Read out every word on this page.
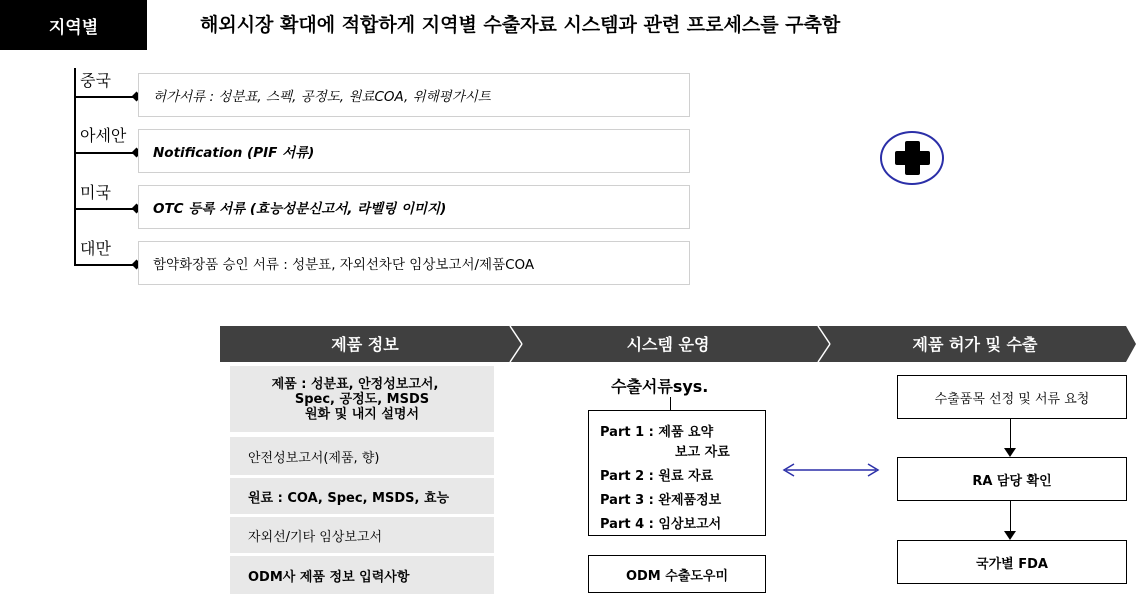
지역별	해외시장 확대에 적합하게 지역별 수출자료 시스템과 관련 프로세스를 구축함
중국
허가서류 : 성분표, 스펙, 공정도, 원료COA, 위해평가시트
아세안
Notification (PIF 서류)
미국
OTC 등록 서류 (효능성분신고서, 라벨링 이미지)
대만
함약화장품 승인 서류 : 성분표, 자외선차단 임상보고서/제품COA
제품 정보	시스템 운영	제품 허가 및 수출
제품 : 성분표, 안정성보고서,
Spec, 공정도, MSDS
원화 및 내지 설명서
안전성보고서(제품, 향)
원료 : COA, Spec, MSDS, 효능
자외선/기타 임상보고서
ODM사 제품 정보 입력사항
수출서류sys.
Part 1 : 제품 요약
보고 자료
Part 2 : 원료 자료
Part 3 : 완제품정보
Part 4 : 임상보고서
ODM 수출도우미
수출품목 선정 및 서류 요청
RA 담당 확인
국가별 FDA
